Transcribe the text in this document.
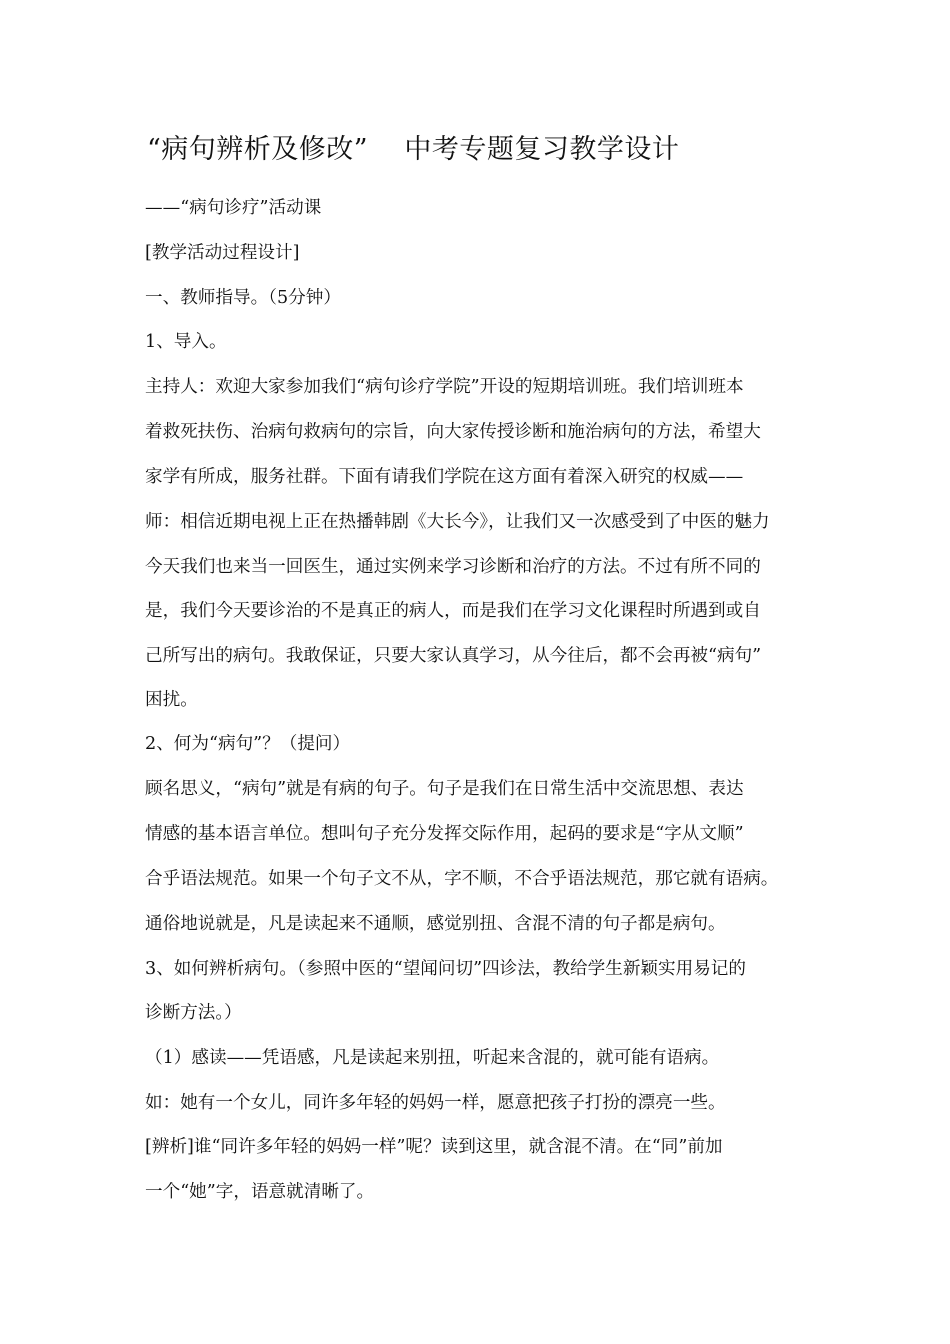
“病句辨析及修改”    中考专题复习教学设计
——“病句诊疗”活动课
[教学活动过程设计]
一、教师指导。（5分钟）
1、导入。
主持人：欢迎大家参加我们“病句诊疗学院”开设的短期培训班。我们培训班本
着救死扶伤、治病句救病句的宗旨，向大家传授诊断和施治病句的方法，希望大
家学有所成，服务社群。下面有请我们学院在这方面有着深入研究的权威——
师：相信近期电视上正在热播韩剧《大长今》，让我们又一次感受到了中医的魅力
今天我们也来当一回医生，通过实例来学习诊断和治疗的方法。不过有所不同的
是，我们今天要诊治的不是真正的病人，而是我们在学习文化课程时所遇到或自
己所写出的病句。我敢保证，只要大家认真学习，从今往后，都不会再被“病句”
困扰。
2、何为“病句”？（提问）
顾名思义，“病句”就是有病的句子。句子是我们在日常生活中交流思想、表达
情感的基本语言单位。想叫句子充分发挥交际作用，起码的要求是“字从文顺”
合乎语法规范。如果一个句子文不从，字不顺，不合乎语法规范，那它就有语病。
通俗地说就是，凡是读起来不通顺，感觉别扭、含混不清的句子都是病句。
3、如何辨析病句。（参照中医的“望闻问切”四诊法，教给学生新颖实用易记的
诊断方法。）
（1）感读——凭语感，凡是读起来别扭，听起来含混的，就可能有语病。
如：她有一个女儿，同许多年轻的妈妈一样，愿意把孩子打扮的漂亮一些。
[辨析]谁“同许多年轻的妈妈一样”呢？读到这里，就含混不清。在“同”前加
一个“她”字，语意就清晰了。
